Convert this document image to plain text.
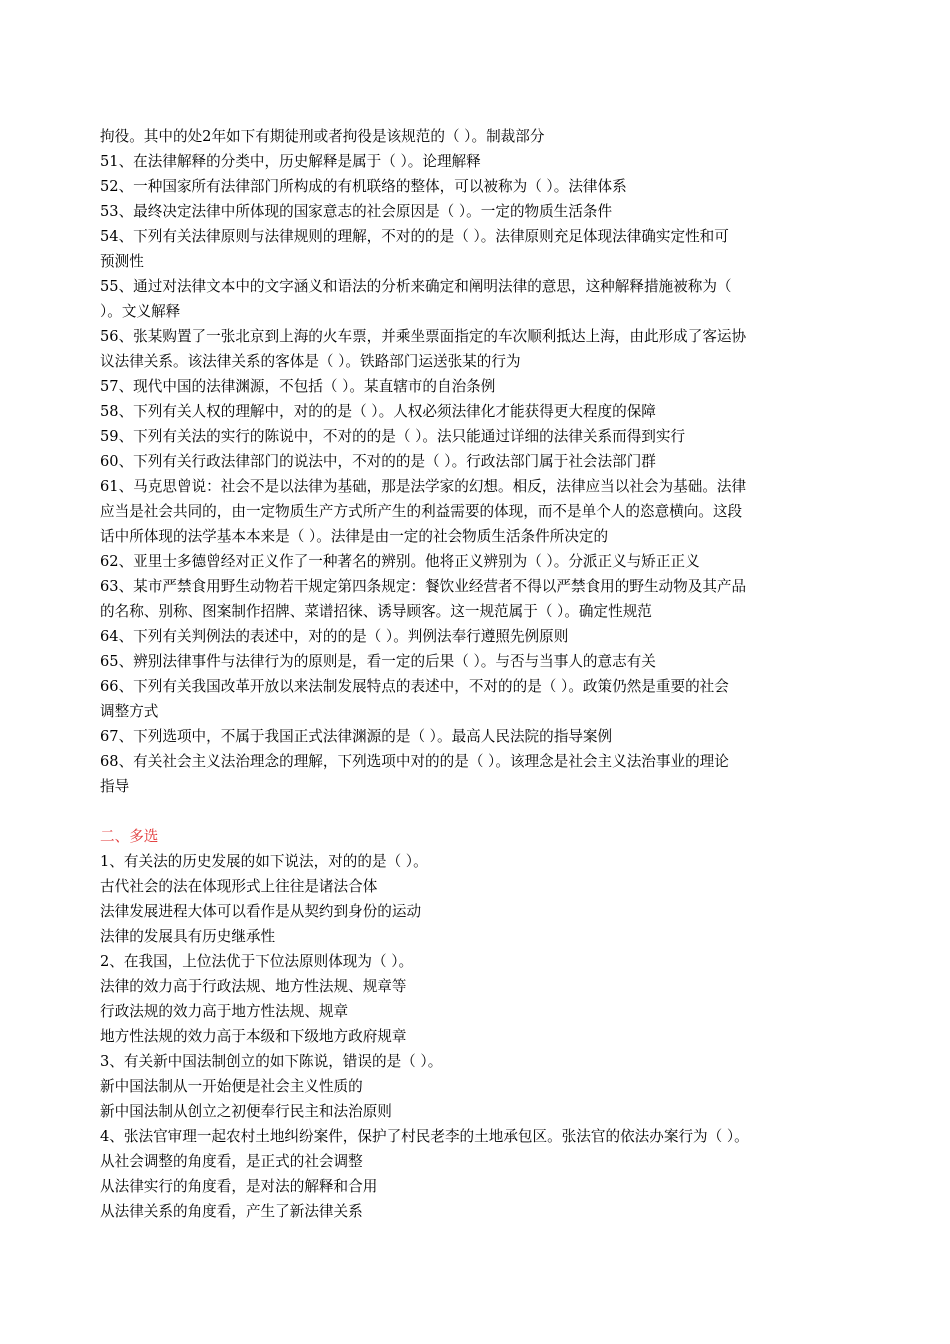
拘役。其中的处2年如下有期徒刑或者拘役是该规范的（ ）。制裁部分
51、在法律解释的分类中，历史解释是属于（ ）。论理解释
52、一种国家所有法律部门所构成的有机联络的整体，可以被称为（ ）。法律体系
53、最终决定法律中所体现的国家意志的社会原因是（ ）。一定的物质生活条件
54、下列有关法律原则与法律规则的理解，不对的的是（ ）。法律原则充足体现法律确实定性和可
预测性
55、通过对法律文本中的文字涵义和语法的分析来确定和阐明法律的意思，这种解释措施被称为（
）。文义解释
56、张某购置了一张北京到上海的火车票，并乘坐票面指定的车次顺利抵达上海，由此形成了客运协
议法律关系。该法律关系的客体是（ ）。铁路部门运送张某的行为
57、现代中国的法律渊源，不包括（ ）。某直辖市的自治条例
58、下列有关人权的理解中，对的的是（ ）。人权必须法律化才能获得更大程度的保障
59、下列有关法的实行的陈说中，不对的的是（ ）。法只能通过详细的法律关系而得到实行
60、下列有关行政法律部门的说法中，不对的的是（ ）。行政法部门属于社会法部门群
61、马克思曾说：社会不是以法律为基础，那是法学家的幻想。相反，法律应当以社会为基础。法律
应当是社会共同的，由一定物质生产方式所产生的利益需要的体现，而不是单个人的恣意横向。这段
话中所体现的法学基本本来是（ ）。法律是由一定的社会物质生活条件所决定的
62、亚里士多德曾经对正义作了一种著名的辨别。他将正义辨别为（ ）。分派正义与矫正正义
63、某市严禁食用野生动物若干规定第四条规定：餐饮业经营者不得以严禁食用的野生动物及其产品
的名称、别称、图案制作招牌、菜谱招徕、诱导顾客。这一规范属于（ ）。确定性规范
64、下列有关判例法的表述中，对的的是（ ）。判例法奉行遵照先例原则
65、辨别法律事件与法律行为的原则是，看一定的后果（ ）。与否与当事人的意志有关
66、下列有关我国改革开放以来法制发展特点的表述中，不对的的是（ ）。政策仍然是重要的社会
调整方式
67、下列选项中，不属于我国正式法律渊源的是（ ）。最高人民法院的指导案例
68、有关社会主义法治理念的理解，下列选项中对的的是（ ）。该理念是社会主义法治事业的理论
指导
二、多选
1、有关法的历史发展的如下说法，对的的是（ ）。
古代社会的法在体现形式上往往是诸法合体
法律发展进程大体可以看作是从契约到身份的运动
法律的发展具有历史继承性
2、在我国，上位法优于下位法原则体现为（ ）。
法律的效力高于行政法规、地方性法规、规章等
行政法规的效力高于地方性法规、规章
地方性法规的效力高于本级和下级地方政府规章
3、有关新中国法制创立的如下陈说，错误的是（ ）。
新中国法制从一开始便是社会主义性质的
新中国法制从创立之初便奉行民主和法治原则
4、张法官审理一起农村土地纠纷案件，保护了村民老李的土地承包区。张法官的依法办案行为（ ）。
从社会调整的角度看，是正式的社会调整
从法律实行的角度看，是对法的解释和合用
从法律关系的角度看，产生了新法律关系
